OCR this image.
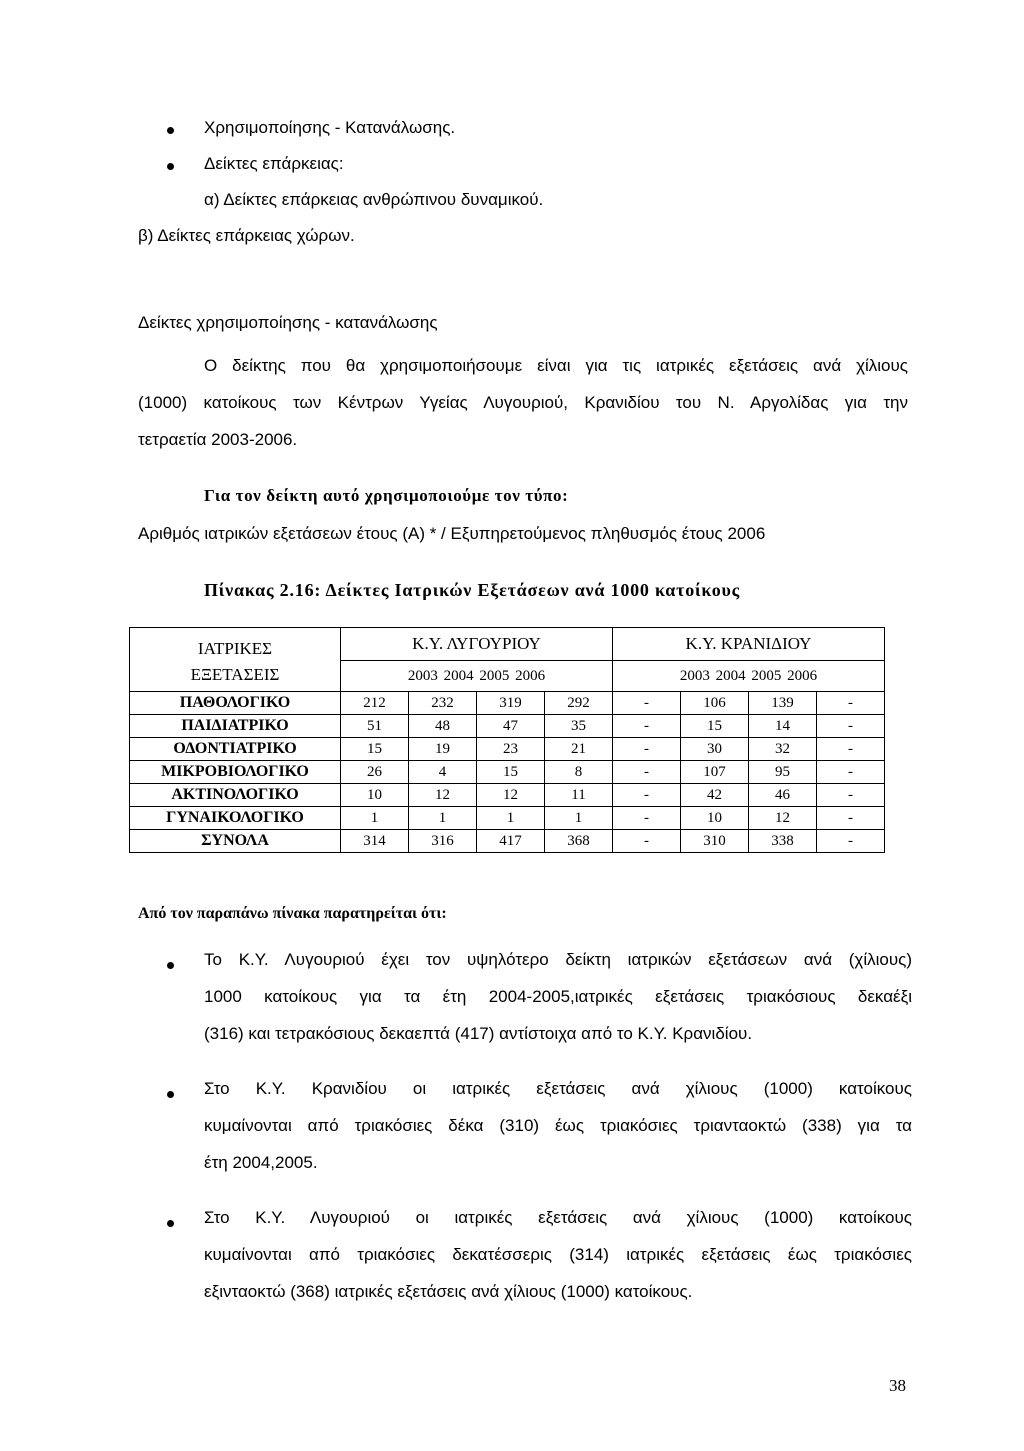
Χρησιμοποίησης - Κατανάλωσης.
Δείκτες επάρκειας:
α) Δείκτες επάρκειας ανθρώπινου δυναμικού.
β) Δείκτες επάρκειας χώρων.
Δείκτες χρησιμοποίησης - κατανάλωσης
Ο δείκτης που θα χρησιμοποιήσουμε είναι για τις ιατρικές εξετάσεις ανά χίλιους
(1000) κατοίκους των Κέντρων Υγείας Λυγουριού, Κρανιδίου του Ν. Αργολίδας για την
τετραετία 2003-2006.
Για τον δείκτη αυτό χρησιμοποιούμε τον τύπο:
Αριθμός ιατρικών εξετάσεων έτους (Α) * / Εξυπηρετούμενος πληθυσμός έτους 2006
Πίνακας 2.16: Δείκτες Ιατρικών Εξετάσεων ανά 1000 κατοίκους
ΙΑΤΡΙΚΕΣ
ΕΞΕΤΑΣΕΙΣ	Κ.Υ. ΛΥΓΟΥΡΙΟΥ				Κ.Υ. ΚΡΑΝΙΔΙΟΥ			
	2003 2004 2005 2006				2003 2004 2005 2006			
ΠΑΘΟΛΟΓΙΚΟ	212	232	319	292	-	106	139	-
ΠΑΙΔΙΑΤΡΙΚΟ	51	48	47	35	-	15	14	-
ΟΔΟΝΤΙΑΤΡΙΚΟ	15	19	23	21	-	30	32	-
ΜΙΚΡΟΒΙΟΛΟΓΙΚΟ	26	4	15	8	-	107	95	-
ΑΚΤΙΝΟΛΟΓΙΚΟ	10	12	12	11	-	42	46	-
ΓΥΝΑΙΚΟΛΟΓΙΚΟ	1	1	1	1	-	10	12	-
ΣΥΝΟΛΑ	314	316	417	368	-	310	338	-
Από τον παραπάνω πίνακα παρατηρείται ότι:
Το Κ.Υ. Λυγουριού έχει τον υψηλότερο δείκτη ιατρικών εξετάσεων ανά (χίλιους)
1000 κατοίκους για τα έτη 2004-2005,ιατρικές εξετάσεις τριακόσιους δεκαέξι
(316) και τετρακόσιους δεκαεπτά (417) αντίστοιχα από το Κ.Υ. Κρανιδίου.
Στο Κ.Υ. Κρανιδίου οι ιατρικές εξετάσεις ανά χίλιους (1000) κατοίκους
κυμαίνονται από τριακόσιες δέκα (310) έως τριακόσιες τριανταοκτώ (338) για τα
έτη 2004,2005.
Στο Κ.Υ. Λυγουριού οι ιατρικές εξετάσεις ανά χίλιους (1000) κατοίκους
κυμαίνονται από τριακόσιες δεκατέσσερις (314) ιατρικές εξετάσεις έως τριακόσιες
εξινταοκτώ (368) ιατρικές εξετάσεις ανά χίλιους (1000) κατοίκους.
38
